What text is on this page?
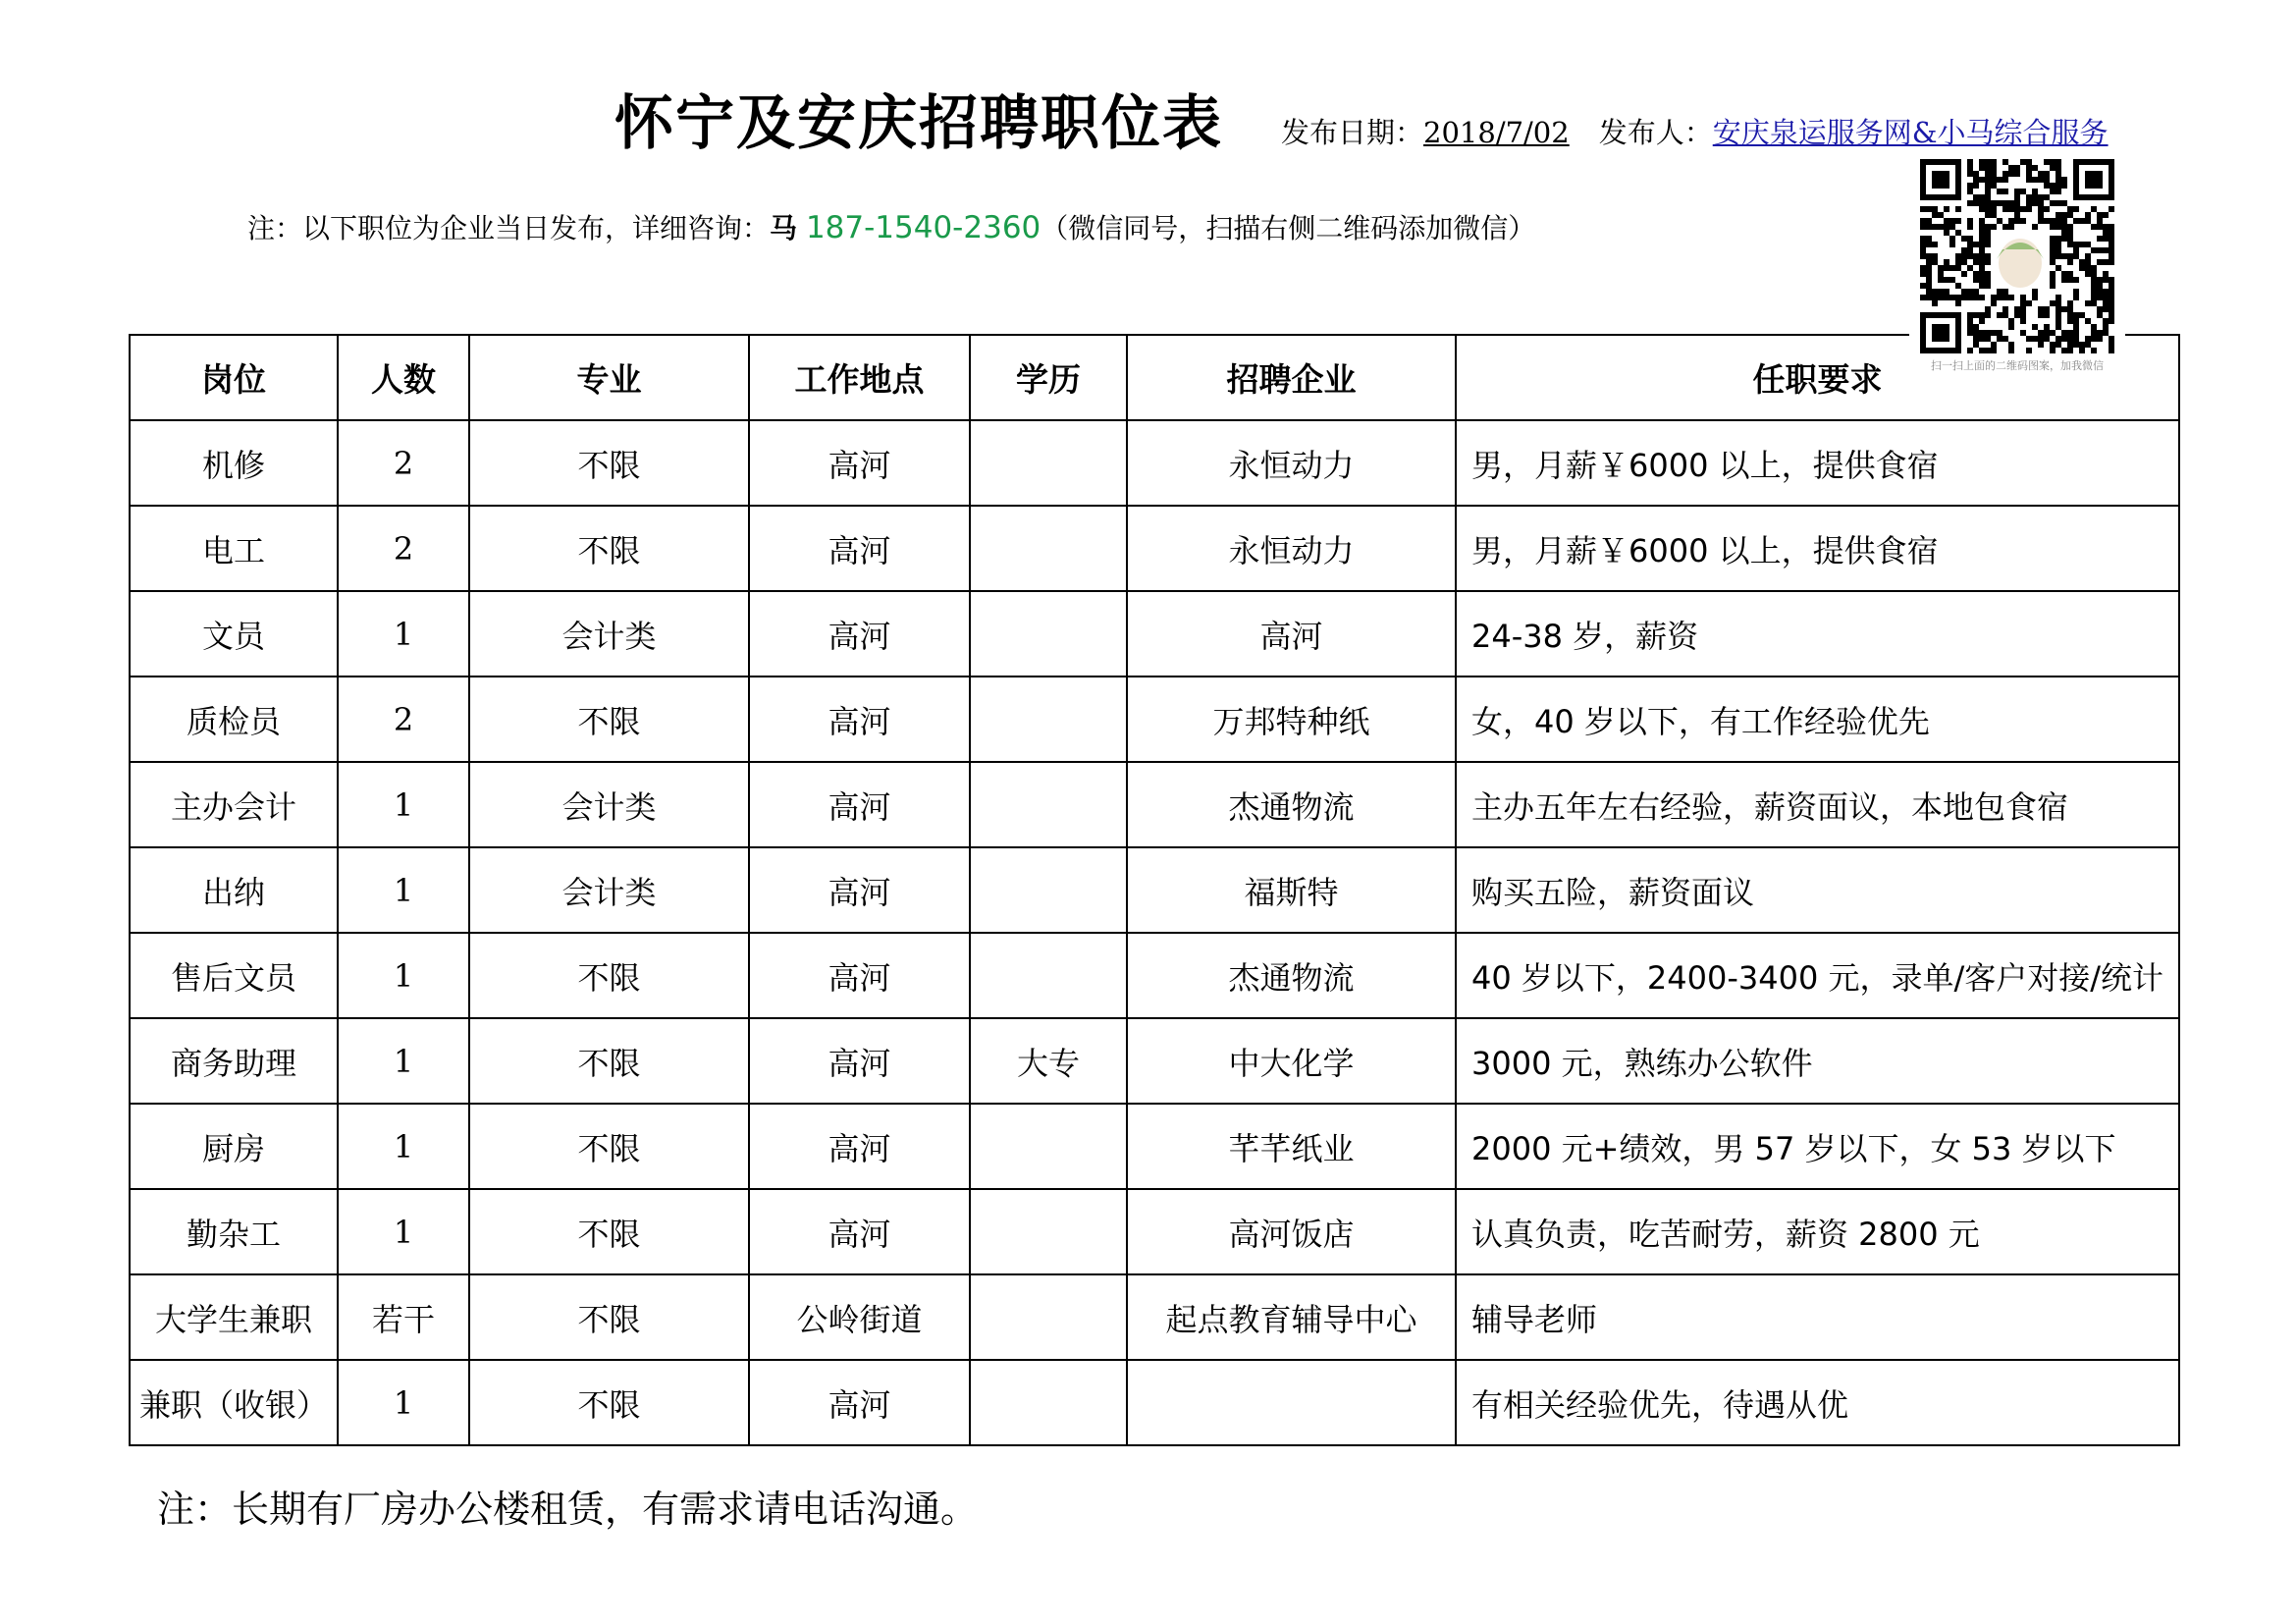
怀宁及安庆招聘职位表 发布日期：2018/7/02 发布人：安庆泉运服务网&小马综合服务
注：以下职位为企业当日发布，详细咨询：马 187-1540-2360（微信同号，扫描右侧二维码添加微信）
扫一扫上面的二维码图案，加我微信
岗位	人数	专业	工作地点	学历	招聘企业	任职要求
机修	2	不限	高河		永恒动力	男，月薪￥6000 以上，提供食宿
电工	2	不限	高河		永恒动力	男，月薪￥6000 以上，提供食宿
文员	1	会计类	高河		高河	24-38 岁，薪资
质检员	2	不限	高河		万邦特种纸	女，40 岁以下，有工作经验优先
主办会计	1	会计类	高河		杰通物流	主办五年左右经验，薪资面议，本地包食宿
出纳	1	会计类	高河		福斯特	购买五险，薪资面议
售后文员	1	不限	高河		杰通物流	40 岁以下，2400-3400 元，录单/客户对接/统计
商务助理	1	不限	高河	大专	中大化学	3000 元，熟练办公软件
厨房	1	不限	高河		芊芊纸业	2000 元+绩效，男 57 岁以下，女 53 岁以下
勤杂工	1	不限	高河		高河饭店	认真负责，吃苦耐劳，薪资 2800 元
大学生兼职	若干	不限	公岭街道		起点教育辅导中心	辅导老师
兼职（收银）	1	不限	高河			有相关经验优先，待遇从优
注：长期有厂房办公楼租赁，有需求请电话沟通。
